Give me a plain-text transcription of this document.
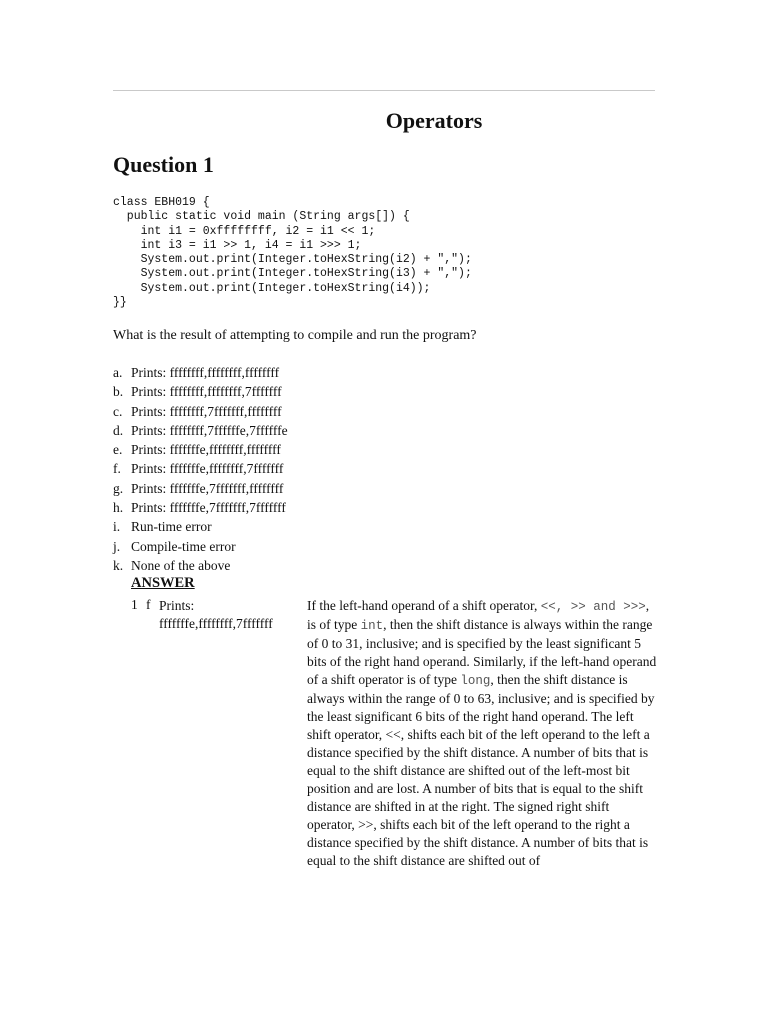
Operators
Question 1
class EBH019 {
public static void main (String args[]) {
int i1 = 0xffffffff, i2 = i1 << 1;
int i3 = i1 >> 1, i4 = i1 >>> 1;
System.out.print(Integer.toHexString(i2) + ",");
System.out.print(Integer.toHexString(i3) + ",");
System.out.print(Integer.toHexString(i4));
}}

What is the result of attempting to compile and run the program?

a. Prints: ffffffff,ffffffff,ffffffff
b. Prints: ffffffff,ffffffff,7fffffff
c. Prints: ffffffff,7fffffff,ffffffff
d. Prints: ffffffff,7ffffffe,7ffffffe
e. Prints: fffffffe,ffffffff,ffffffff
f. Prints: fffffffe,ffffffff,7fffffff
g. Prints: fffffffe,7fffffff,ffffffff
h. Prints: fffffffe,7fffffff,7fffffff
i. Run-time error
j. Compile-time error
k. None of the above
ANSWER
1 f Prints: fffffffe,ffffffff,7fffffff

If the left-hand operand of a shift operator, <<, >> and >>>, is of type int, then the shift distance is always within the range of 0 to 31, inclusive; and is specified by the least significant 5 bits of the right hand operand. Similarly, if the left-hand operand of a shift operator is of type long, then the shift distance is always within the range of 0 to 63, inclusive; and is specified by the least significant 6 bits of the right hand operand. The left shift operator, <<, shifts each bit of the left operand to the left a distance specified by the shift distance. A number of bits that is equal to the shift distance are shifted out of the left-most bit position and are lost. A number of bits that is equal to the shift distance are shifted in at the right. The signed right shift operator, >>, shifts each bit of the left operand to the right a distance specified by the shift distance. A number of bits that is equal to the shift distance are shifted out of
